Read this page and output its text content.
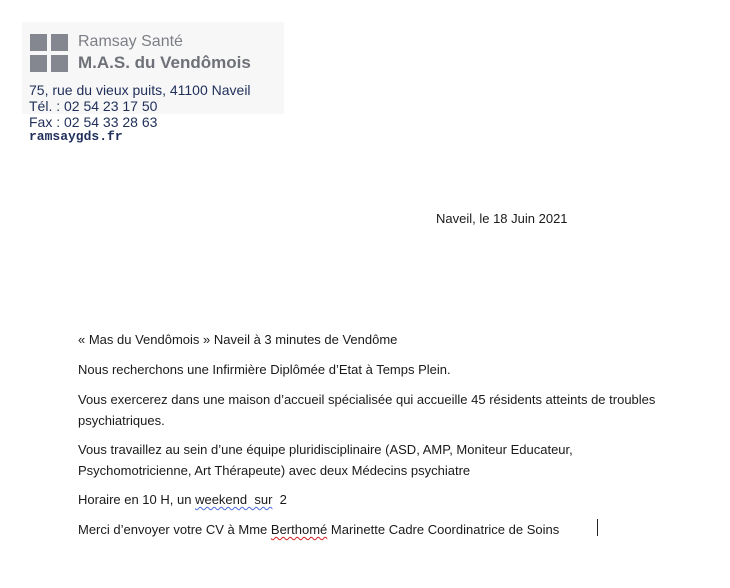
Ramsay Santé
M.A.S. du Vendômois
75, rue du vieux puits, 41100 Naveil
Tél. : 02 54 23 17 50
Fax : 02 54 33 28 63
ramsaygds.fr
Naveil, le 18 Juin 2021
« Mas du Vendômois » Naveil à 3 minutes de Vendôme
Nous recherchons une Infirmière Diplômée d’Etat à Temps Plein.
Vous exercerez dans une maison d’accueil spécialisée qui accueille 45 résidents atteints de troubles psychiatriques.
Vous travaillez au sein d’une équipe pluridisciplinaire (ASD, AMP, Moniteur Educateur, Psychomotricienne, Art Thérapeute) avec deux Médecins psychiatre
Horaire en 10 H, un weekend  sur  2
Merci d’envoyer votre CV à Mme Berthomé Marinette Cadre Coordinatrice de Soins
